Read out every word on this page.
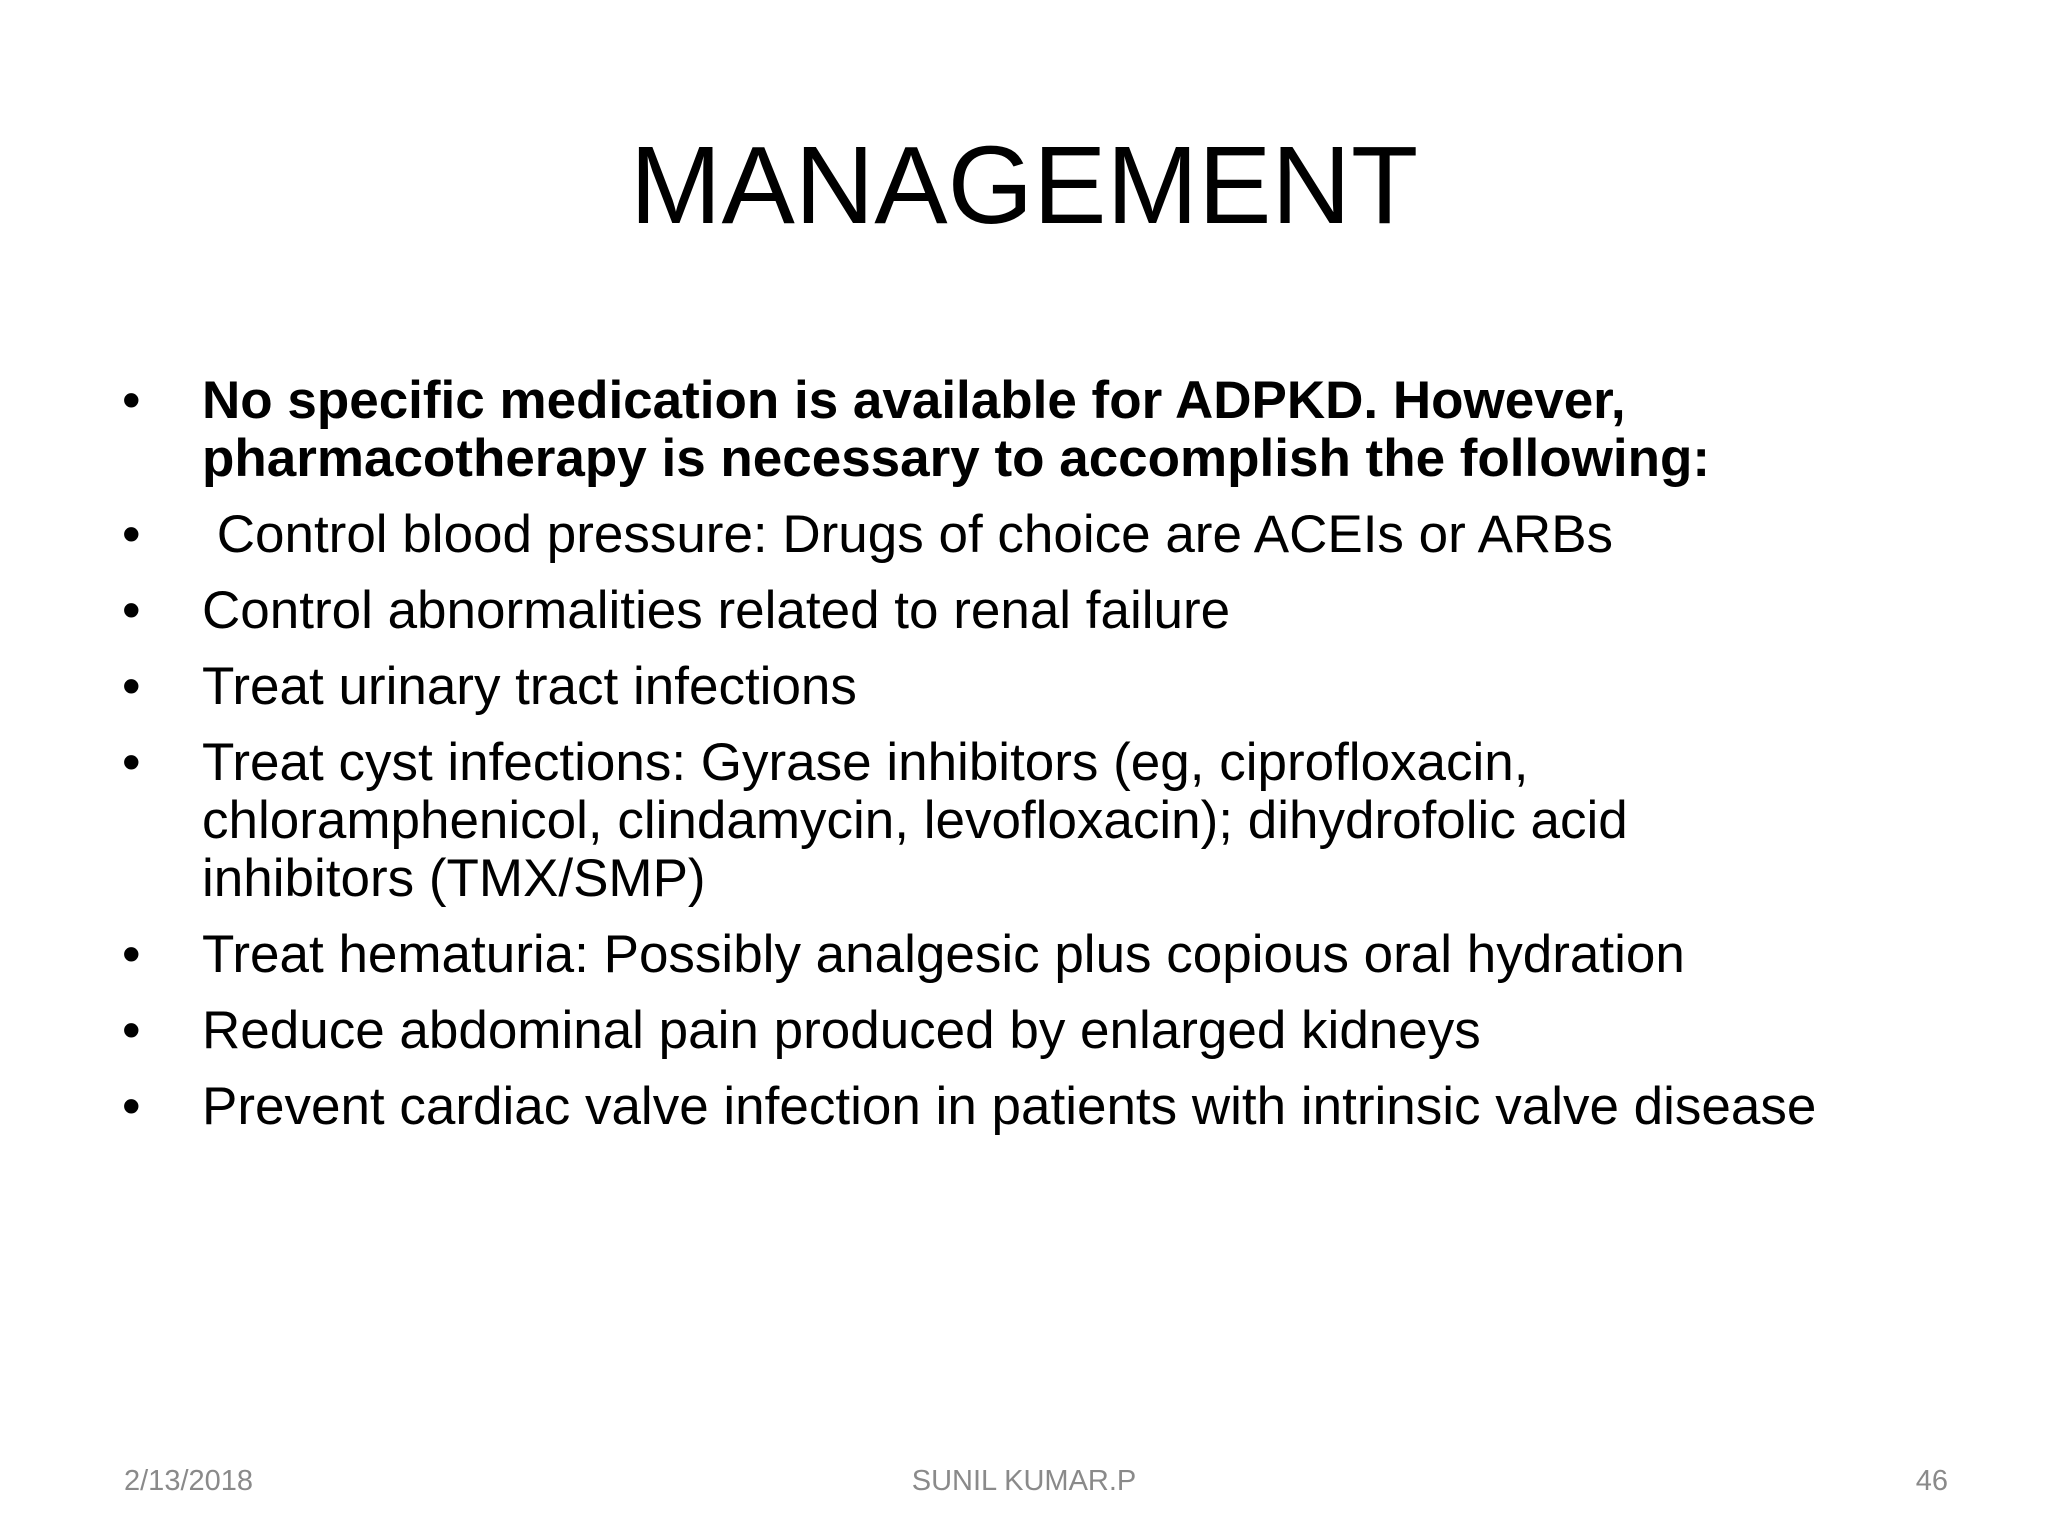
MANAGEMENT
• No specific medication is available for ADPKD. However, pharmacotherapy is necessary to accomplish the following:
• Control blood pressure: Drugs of choice are ACEIs or ARBs
• Control abnormalities related to renal failure
• Treat urinary tract infections
• Treat cyst infections: Gyrase inhibitors (eg, ciprofloxacin, chloramphenicol, clindamycin, levofloxacin); dihydrofolic acid inhibitors (TMX/SMP)
• Treat hematuria: Possibly analgesic plus copious oral hydration
• Reduce abdominal pain produced by enlarged kidneys
• Prevent cardiac valve infection in patients with intrinsic valve disease
2/13/2018	SUNIL KUMAR.P	46
